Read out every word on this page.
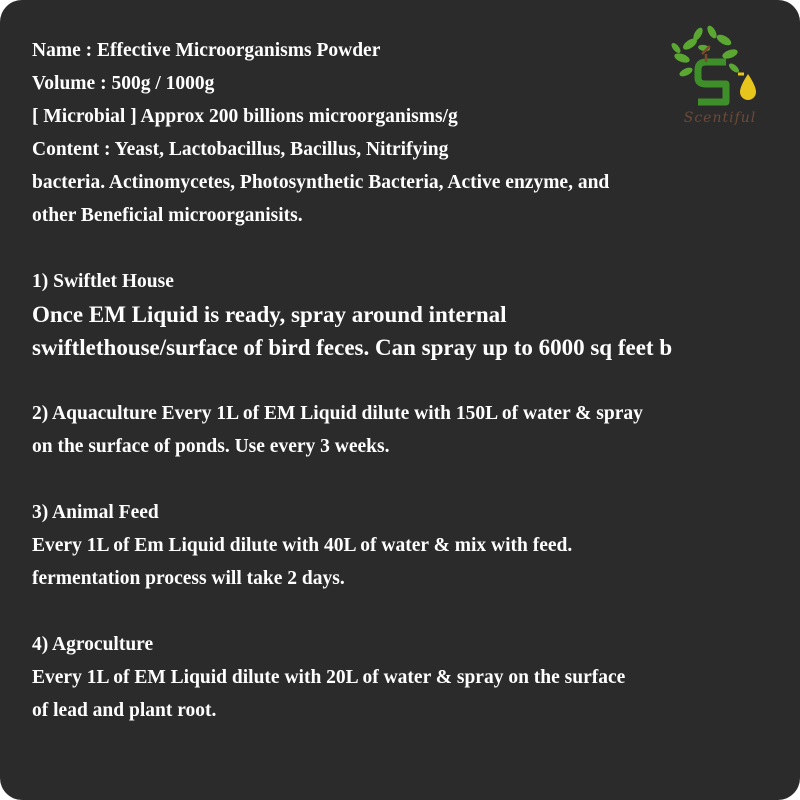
Name : Effective Microorganisms Powder
Volume : 500g / 1000g
[ Microbial ] Approx 200 billions microorganisms/g
Content : Yeast, Lactobacillus, Bacillus, Nitrifying
bacteria. Actinomycetes, Photosynthetic Bacteria, Active enzyme, and
other Beneficial microorganisits.
1) Swiftlet House
Once EM Liquid is ready, spray around internal
swiftlethouse/surface of bird feces. Can spray up to 6000 sq feet b
2) Aquaculture Every 1L of EM Liquid dilute with 150L of water & spray
on the surface of ponds. Use every 3 weeks.
3) Animal Feed
Every 1L of Em Liquid dilute with 40L of water & mix with feed.
fermentation process will take 2 days.
4) Agroculture
Every 1L of EM Liquid dilute with 20L of water & spray on the surface
of lead and plant root.
Scentiful
